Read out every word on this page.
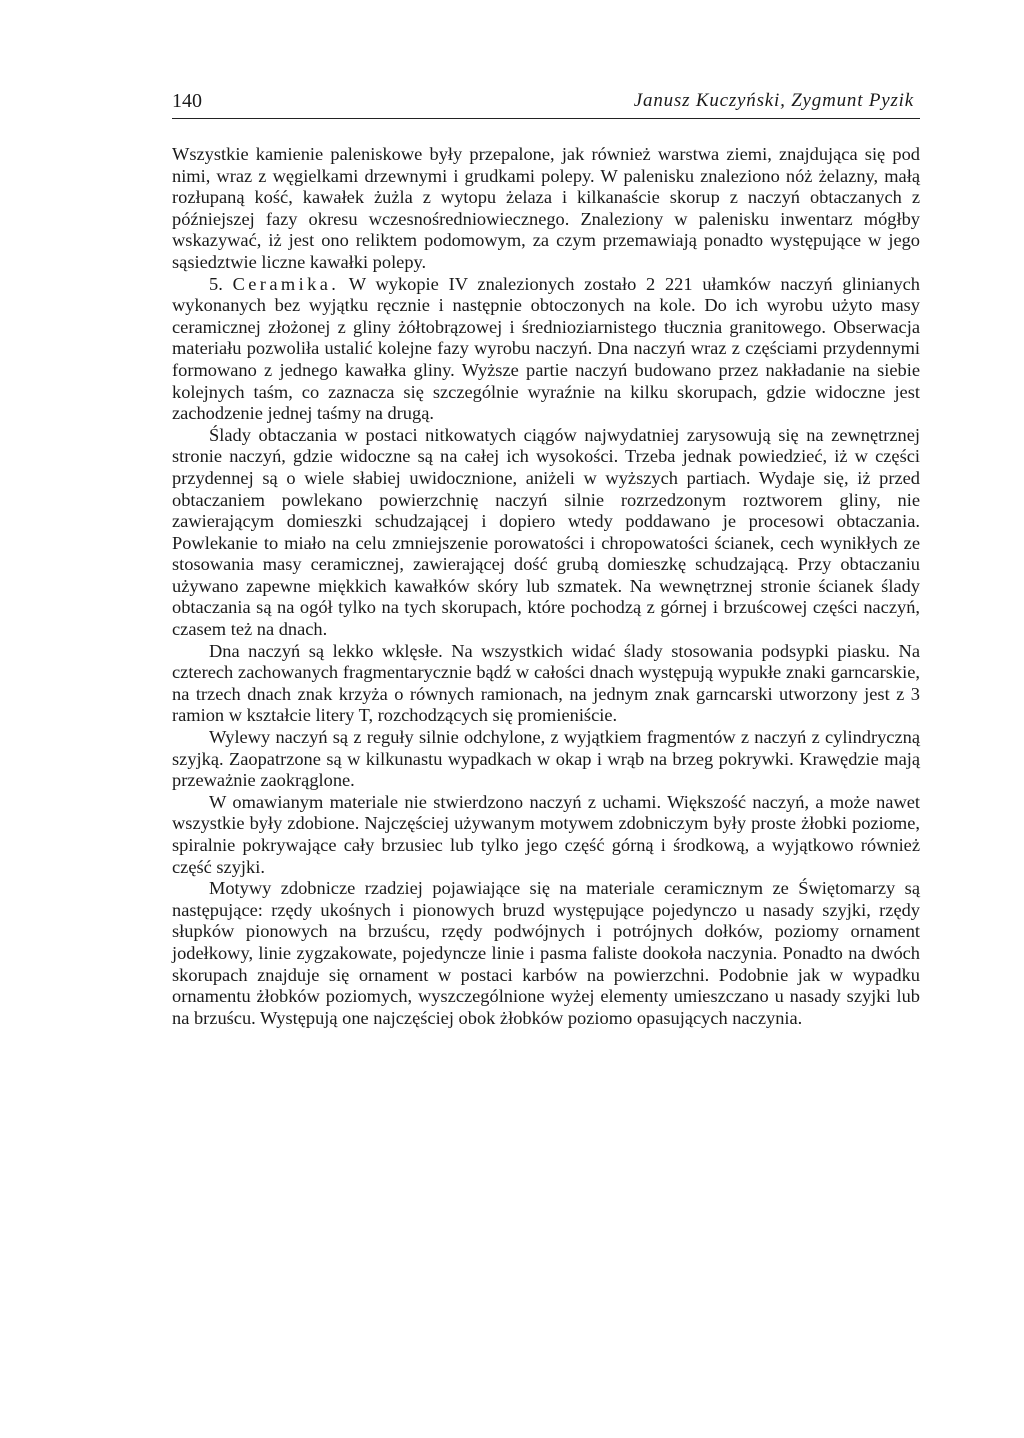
140	Janusz Kuczyński, Zygmunt Pyzik

Wszystkie kamienie paleniskowe były przepalone, jak również warstwa ziemi, znajdująca się pod nimi, wraz z węgielkami drzewnymi i grudkami polepy. W palenisku znaleziono nóż żelazny, małą rozłupaną kość, kawałek żużla z wytopu żelaza i kilkanaście skorup z naczyń obtaczanych z późniejszej fazy okresu wczesnośredniowiecznego. Znaleziony w palenisku inwentarz mógłby wskazywać, iż jest ono reliktem podomowym, za czym przemawiają ponadto występujące w jego sąsiedztwie liczne kawałki polepy.

5. Ceramika. W wykopie IV znalezionych zostało 2 221 ułamków naczyń glinianych wykonanych bez wyjątku ręcznie i następnie obtoczonych na kole. Do ich wyrobu użyto masy ceramicznej złożonej z gliny żółtobrązowej i średnioziarnistego tłucznia granitowego. Obserwacja materiału pozwoliła ustalić kolejne fazy wyrobu naczyń. Dna naczyń wraz z częściami przydennymi formowano z jednego kawałka gliny. Wyższe partie naczyń budowano przez nakładanie na siebie kolejnych taśm, co zaznacza się szczególnie wyraźnie na kilku skorupach, gdzie widoczne jest zachodzenie jednej taśmy na drugą.

Ślady obtaczania w postaci nitkowatych ciągów najwydatniej zarysowują się na zewnętrznej stronie naczyń, gdzie widoczne są na całej ich wysokości. Trzeba jednak powiedzieć, iż w części przydennej są o wiele słabiej uwidocznione, aniżeli w wyższych partiach. Wydaje się, iż przed obtaczaniem powlekano powierzchnię naczyń silnie rozrzedzonym roztworem gliny, nie zawierającym domieszki schudzającej i dopiero wtedy poddawano je procesowi obtaczania. Powlekanie to miało na celu zmniejszenie porowatości i chropowatości ścianek, cech wynikłych ze stosowania masy ceramicznej, zawierającej dość grubą domieszkę schudzającą. Przy obtaczaniu używano zapewne miękkich kawałków skóry lub szmatek. Na wewnętrznej stronie ścianek ślady obtaczania są na ogół tylko na tych skorupach, które pochodzą z górnej i brzuścowej części naczyń, czasem też na dnach.

Dna naczyń są lekko wklęsłe. Na wszystkich widać ślady stosowania podsypki piasku. Na czterech zachowanych fragmentarycznie bądź w całości dnach występują wypukłe znaki garncarskie, na trzech dnach znak krzyża o równych ramionach, na jednym znak garncarski utworzony jest z 3 ramion w kształcie litery T, rozchodzących się promieniście.

Wylewy naczyń są z reguły silnie odchylone, z wyjątkiem fragmentów z naczyń z cylindryczną szyjką. Zaopatrzone są w kilkunastu wypadkach w okap i wrąb na brzeg pokrywki. Krawędzie mają przeważnie zaokrąglone.

W omawianym materiale nie stwierdzono naczyń z uchami. Większość naczyń, a może nawet wszystkie były zdobione. Najczęściej używanym motywem zdobniczym były proste żłobki poziome, spiralnie pokrywające cały brzusiec lub tylko jego część górną i środkową, a wyjątkowo również część szyjki.

Motywy zdobnicze rzadziej pojawiające się na materiale ceramicznym ze Świętomarzy są następujące: rzędy ukośnych i pionowych bruzd występujące pojedynczo u nasady szyjki, rzędy słupków pionowych na brzuścu, rzędy podwójnych i potrójnych dołków, poziomy ornament jodełkowy, linie zygzakowate, pojedyncze linie i pasma faliste dookoła naczynia. Ponadto na dwóch skorupach znajduje się ornament w postaci karbów na powierzchni. Podobnie jak w wypadku ornamentu żłobków poziomych, wyszczególnione wyżej elementy umieszczano u nasady szyjki lub na brzuścu. Występują one najczęściej obok żłobków poziomo opasujących naczynia.
